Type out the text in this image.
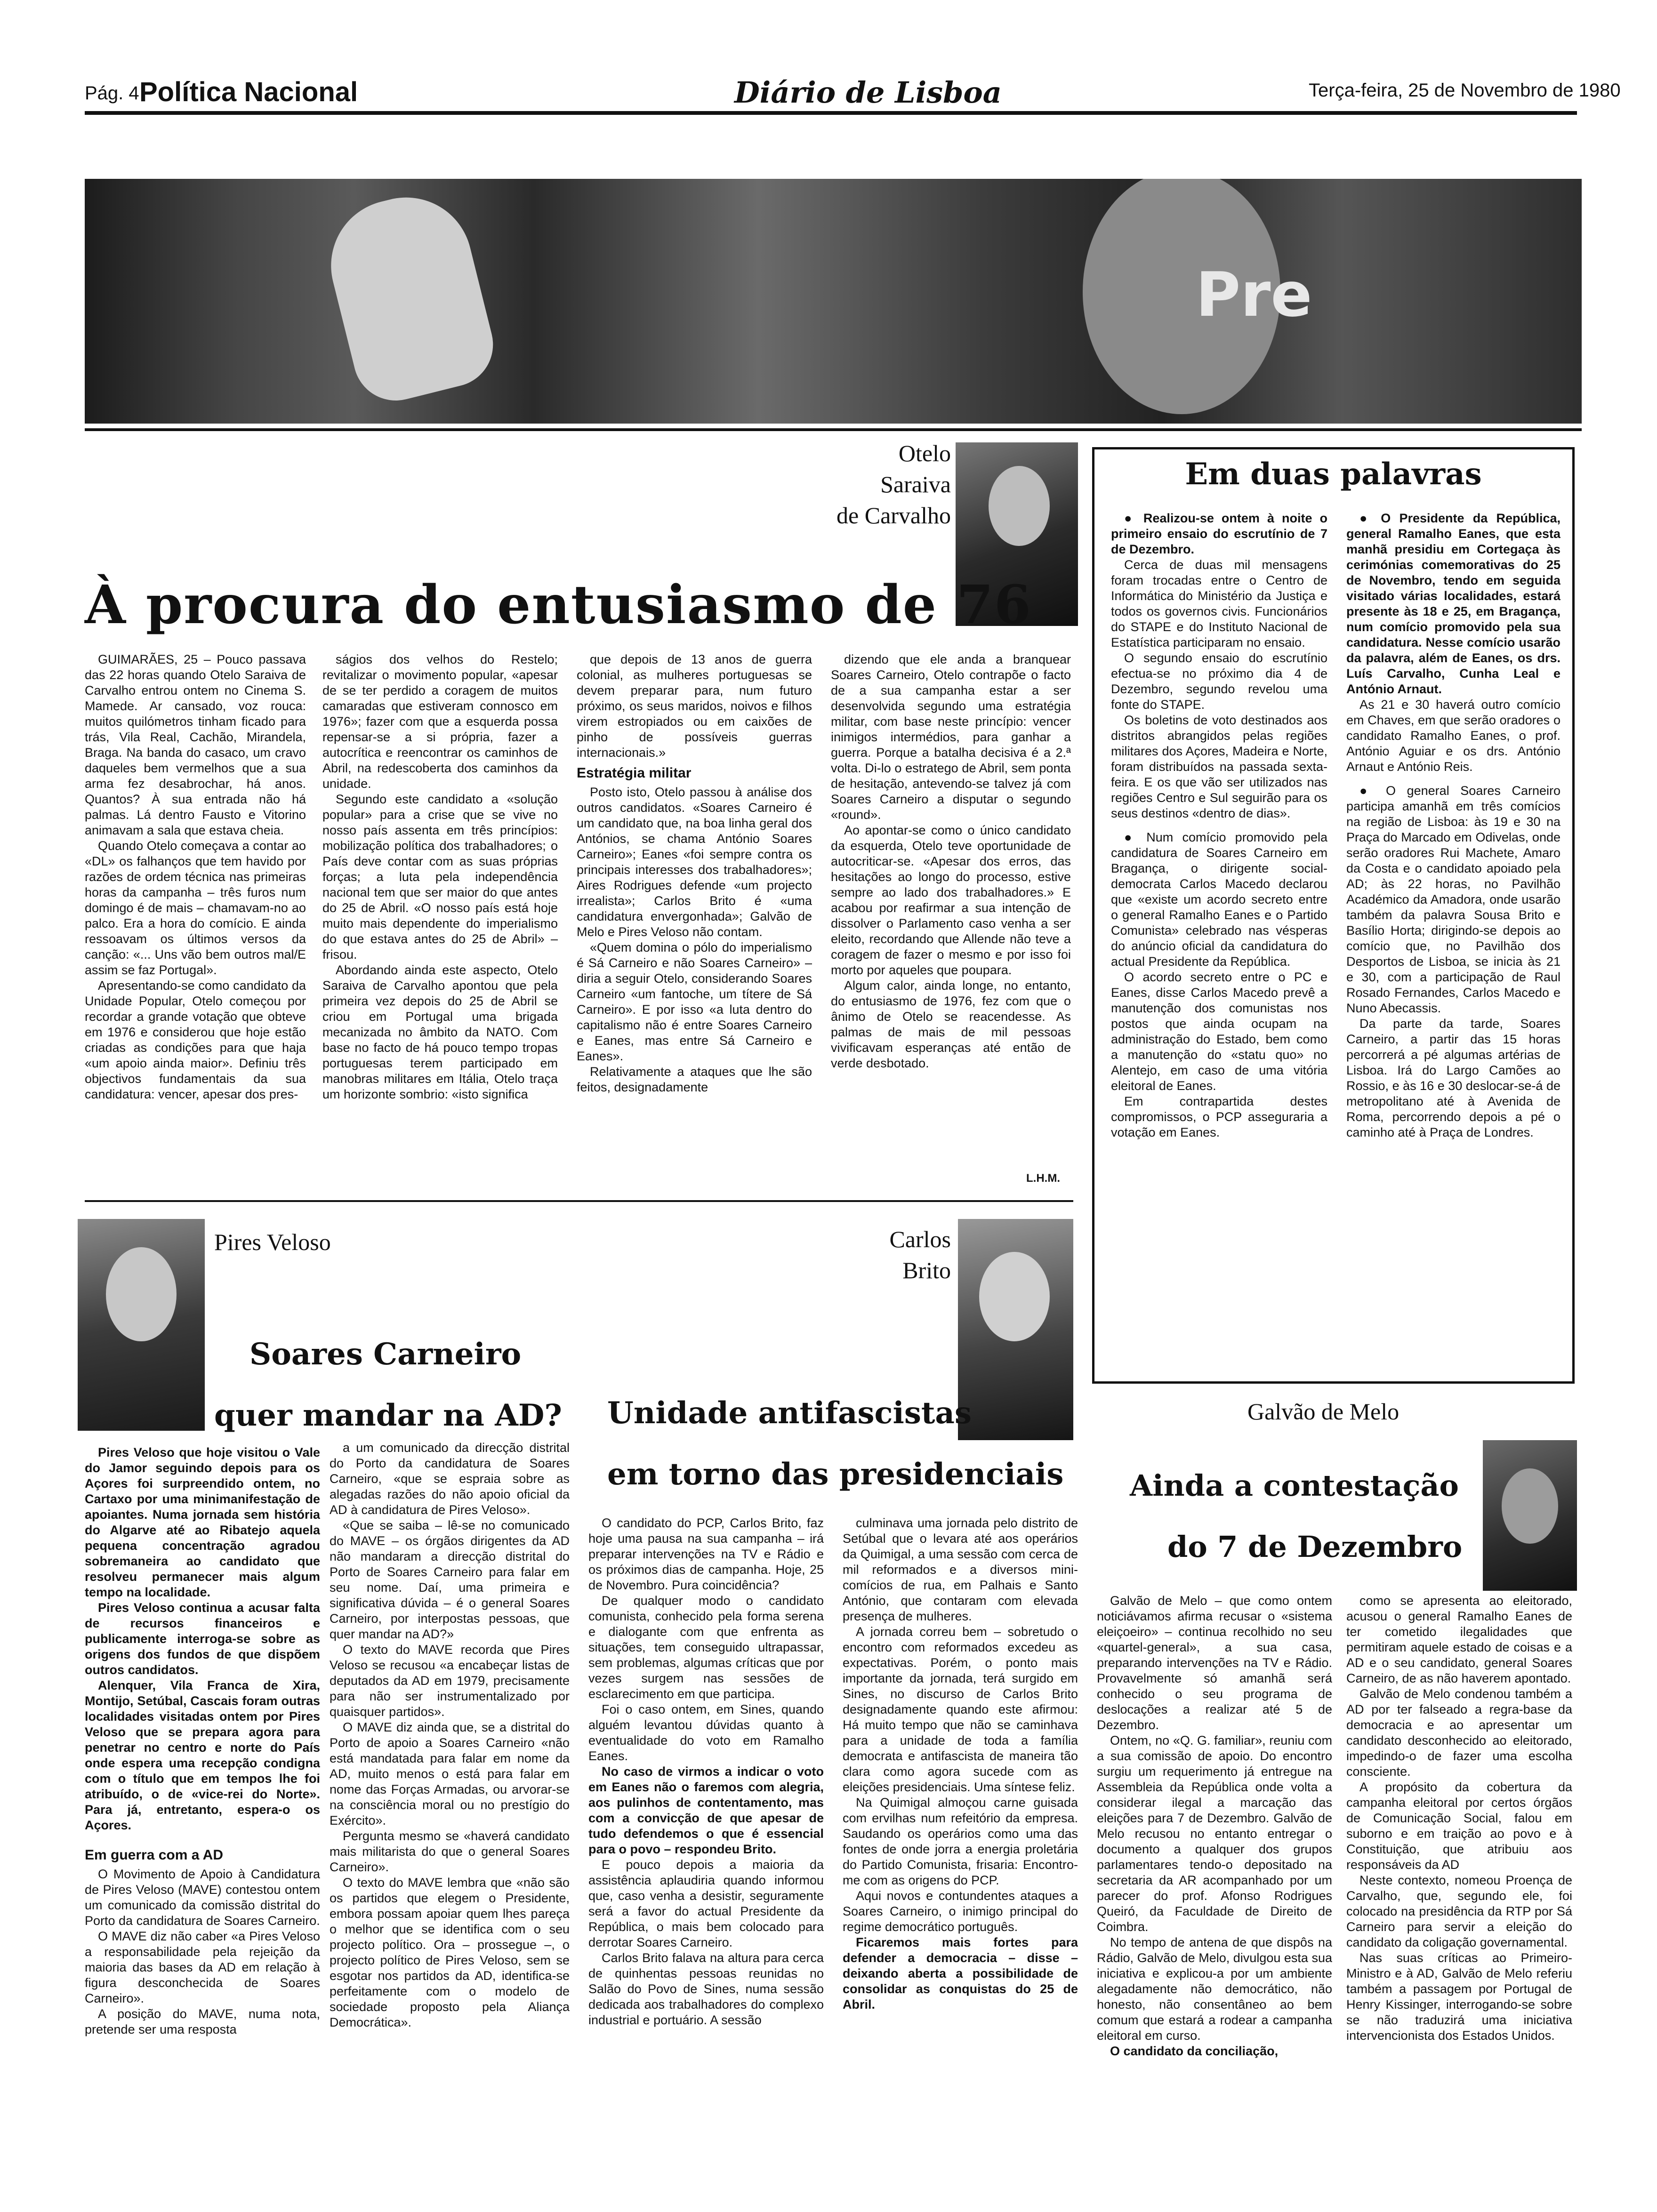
Pág. 4 Política Nacional	Diário de Lisboa	Terça-feira, 25 de Novembro de 1980
Pre
Otelo
Saraiva
de Carvalho
À procura do entusiasmo de 76

GUIMARÃES, 25 – Pouco passava das 22 horas quando Otelo Saraiva de Carvalho entrou ontem no Cinema S. Mamede. Ar cansado, voz rouca: muitos quilómetros tinham ficado para trás, Vila Real, Cachão, Mirandela, Braga. Na banda do casaco, um cravo daqueles bem vermelhos que a sua arma fez desabrochar, há anos. Quantos? À sua entrada não há palmas. Lá dentro Fausto e Vitorino animavam a sala que estava cheia.

Quando Otelo começava a contar ao «DL» os falhanços que tem havido por razões de ordem técnica nas primeiras horas da campanha – três furos num domingo é de mais – chamavam-no ao palco. Era a hora do comício. E ainda ressoavam os últimos versos da canção: «... Uns vão bem outros mal/E assim se faz Portugal».

Apresentando-se como candidato da Unidade Popular, Otelo começou por recordar a grande votação que obteve em 1976 e considerou que hoje estão criadas as condições para que haja «um apoio ainda maior». Definiu três objectivos fundamentais da sua candidatura: vencer, apesar dos pres-

ságios dos velhos do Restelo; revitalizar o movimento popular, «apesar de se ter perdido a coragem de muitos camaradas que estiveram connosco em 1976»; fazer com que a esquerda possa repensar-se a si própria, fazer a autocrítica e reencontrar os caminhos de Abril, na redescoberta dos caminhos da unidade.

Segundo este candidato a «solução popular» para a crise que se vive no nosso país assenta em três princípios: mobilização política dos trabalhadores; o País deve contar com as suas próprias forças; a luta pela independência nacional tem que ser maior do que antes do 25 de Abril. «O nosso país está hoje muito mais dependente do imperialismo do que estava antes do 25 de Abril» – frisou.

Abordando ainda este aspecto, Otelo Saraiva de Carvalho apontou que pela primeira vez depois do 25 de Abril se criou em Portugal uma brigada mecanizada no âmbito da NATO. Com base no facto de há pouco tempo tropas portuguesas terem participado em manobras militares em Itália, Otelo traça um horizonte sombrio: «isto significa

que depois de 13 anos de guerra colonial, as mulheres portuguesas se devem preparar para, num futuro próximo, os seus maridos, noivos e filhos virem estropiados ou em caixões de pinho de possíveis guerras internacionais.»

Estratégia militar

Posto isto, Otelo passou à análise dos outros candidatos. «Soares Carneiro é um candidato que, na boa linha geral dos Antónios, se chama António Soares Carneiro»; Eanes «foi sempre contra os principais interesses dos trabalhadores»; Aires Rodrigues defende «um projecto irrealista»; Carlos Brito é «uma candidatura envergonhada»; Galvão de Melo e Pires Veloso não contam.

«Quem domina o pólo do imperialismo é Sá Carneiro e não Soares Carneiro» – diria a seguir Otelo, considerando Soares Carneiro «um fantoche, um títere de Sá Carneiro». E por isso «a luta dentro do capitalismo não é entre Soares Carneiro e Eanes, mas entre Sá Carneiro e Eanes».

Relativamente a ataques que lhe são feitos, designadamente

dizendo que ele anda a branquear Soares Carneiro, Otelo contrapõe o facto de a sua campanha estar a ser desenvolvida segundo uma estratégia militar, com base neste princípio: vencer inimigos intermédios, para ganhar a guerra. Porque a batalha decisiva é a 2.ª volta. Di-lo o estratego de Abril, sem ponta de hesitação, antevendo-se talvez já com Soares Carneiro a disputar o segundo «round».

Ao apontar-se como o único candidato da esquerda, Otelo teve oportunidade de autocriticar-se. «Apesar dos erros, das hesitações ao longo do processo, estive sempre ao lado dos trabalhadores.» E acabou por reafirmar a sua intenção de dissolver o Parlamento caso venha a ser eleito, recordando que Allende não teve a coragem de fazer o mesmo e por isso foi morto por aqueles que poupara.

Algum calor, ainda longe, no entanto, do entusiasmo de 1976, fez com que o ânimo de Otelo se reacendesse. As palmas de mais de mil pessoas vivificavam esperanças até então de verde desbotado.

L.H.M.
Em duas palavras

● Realizou-se ontem à noite o primeiro ensaio do escrutínio de 7 de Dezembro.

Cerca de duas mil mensagens foram trocadas entre o Centro de Informática do Ministério da Justiça e todos os governos civis. Funcionários do STAPE e do Instituto Nacional de Estatística participaram no ensaio.

O segundo ensaio do escrutínio efectua-se no próximo dia 4 de Dezembro, segundo revelou uma fonte do STAPE.

Os boletins de voto destinados aos distritos abrangidos pelas regiões militares dos Açores, Madeira e Norte, foram distribuídos na passada sexta-feira. E os que vão ser utilizados nas regiões Centro e Sul seguirão para os seus destinos «dentro de dias».

● Num comício promovido pela candidatura de Soares Carneiro em Bragança, o dirigente social-democrata Carlos Macedo declarou que «existe um acordo secreto entre o general Ramalho Eanes e o Partido Comunista» celebrado nas vésperas do anúncio oficial da candidatura do actual Presidente da República.

O acordo secreto entre o PC e Eanes, disse Carlos Macedo prevê a manutenção dos comunistas nos postos que ainda ocupam na administração do Estado, bem como a manutenção do «statu quo» no Alentejo, em caso de uma vitória eleitoral de Eanes.

Em contrapartida destes compromissos, o PCP asseguraria a votação em Eanes.

● O Presidente da República, general Ramalho Eanes, que esta manhã presidiu em Cortegaça às cerimónias comemorativas do 25 de Novembro, tendo em seguida visitado várias localidades, estará presente às 18 e 25, em Bragança, num comício promovido pela sua candidatura. Nesse comício usarão da palavra, além de Eanes, os drs. Luís Carvalho, Cunha Leal e António Arnaut.

As 21 e 30 haverá outro comício em Chaves, em que serão oradores o candidato Ramalho Eanes, o prof. António Aguiar e os drs. António Arnaut e António Reis.

● O general Soares Carneiro participa amanhã em três comícios na região de Lisboa: às 19 e 30 na Praça do Marcado em Odivelas, onde serão oradores Rui Machete, Amaro da Costa e o candidato apoiado pela AD; às 22 horas, no Pavilhão Académico da Amadora, onde usarão também da palavra Sousa Brito e Basílio Horta; dirigindo-se depois ao comício que, no Pavilhão dos Desportos de Lisboa, se inicia às 21 e 30, com a participação de Raul Rosado Fernandes, Carlos Macedo e Nuno Abecassis.

Da parte da tarde, Soares Carneiro, a partir das 15 horas percorrerá a pé algumas artérias de Lisboa. Irá do Largo Camões ao Rossio, e às 16 e 30 deslocar-se-á de metropolitano até à Avenida de Roma, percorrendo depois a pé o caminho até à Praça de Londres.

Pires Veloso
Soares Carneiro
quer mandar na AD?

Pires Veloso que hoje visitou o Vale do Jamor seguindo depois para os Açores foi surpreendido ontem, no Cartaxo por uma minimanifestação de apoiantes. Numa jornada sem história do Algarve até ao Ribatejo aquela pequena concentração agradou sobremaneira ao candidato que resolveu permanecer mais algum tempo na localidade.

Pires Veloso continua a acusar falta de recursos financeiros e publicamente interroga-se sobre as origens dos fundos de que dispõem outros candidatos.

Alenquer, Vila Franca de Xira, Montijo, Setúbal, Cascais foram outras localidades visitadas ontem por Pires Veloso que se prepara agora para penetrar no centro e norte do País onde espera uma recepção condigna com o título que em tempos lhe foi atribuído, o de «vice-rei do Norte». Para já, entretanto, espera-o os Açores.

Em guerra com a AD

O Movimento de Apoio à Candidatura de Pires Veloso (MAVE) contestou ontem um comunicado da comissão distrital do Porto da candidatura de Soares Carneiro.

O MAVE diz não caber «a Pires Veloso a responsabilidade pela rejeição da maioria das bases da AD em relação à figura desconchecida de Soares Carneiro».

A posição do MAVE, numa nota, pretende ser uma resposta

a um comunicado da direcção distrital do Porto da candidatura de Soares Carneiro, «que se espraia sobre as alegadas razões do não apoio oficial da AD à candidatura de Pires Veloso».

«Que se saiba – lê-se no comunicado do MAVE – os órgãos dirigentes da AD não mandaram a direcção distrital do Porto de Soares Carneiro para falar em seu nome. Daí, uma primeira e significativa dúvida – é o general Soares Carneiro, por interpostas pessoas, que quer mandar na AD?»

O texto do MAVE recorda que Pires Veloso se recusou «a encabeçar listas de deputados da AD em 1979, precisamente para não ser instrumentalizado por quaisquer partidos».

O MAVE diz ainda que, se a distrital do Porto de apoio a Soares Carneiro «não está mandatada para falar em nome da AD, muito menos o está para falar em nome das Forças Armadas, ou arvorar-se na consciência moral ou no prestígio do Exército».

Pergunta mesmo se «haverá candidato mais militarista do que o general Soares Carneiro».

O texto do MAVE lembra que «não são os partidos que elegem o Presidente, embora possam apoiar quem lhes pareça o melhor que se identifica com o seu projecto político. Ora – prossegue –, o projecto político de Pires Veloso, sem se esgotar nos partidos da AD, identifica-se perfeitamente com o modelo de sociedade proposto pela Aliança Democrática».

Carlos
Brito
Unidade antifascistas
em torno das presidenciais

O candidato do PCP, Carlos Brito, faz hoje uma pausa na sua campanha – irá preparar intervenções na TV e Rádio e os próximos dias de campanha. Hoje, 25 de Novembro. Pura coincidência?

De qualquer modo o candidato comunista, conhecido pela forma serena e dialogante com que enfrenta as situações, tem conseguido ultrapassar, sem problemas, algumas críticas que por vezes surgem nas sessões de esclarecimento em que participa.

Foi o caso ontem, em Sines, quando alguém levantou dúvidas quanto à eventualidade do voto em Ramalho Eanes.

No caso de virmos a indicar o voto em Eanes não o faremos com alegria, aos pulinhos de contentamento, mas com a convicção de que apesar de tudo defendemos o que é essencial para o povo – respondeu Brito.

E pouco depois a maioria da assistência aplaudiria quando informou que, caso venha a desistir, seguramente será a favor do actual Presidente da República, o mais bem colocado para derrotar Soares Carneiro.

Carlos Brito falava na altura para cerca de quinhentas pessoas reunidas no Salão do Povo de Sines, numa sessão dedicada aos trabalhadores do complexo industrial e portuário. A sessão

culminava uma jornada pelo distrito de Setúbal que o levara até aos operários da Quimigal, a uma sessão com cerca de mil reformados e a diversos mini-comícios de rua, em Palhais e Santo António, que contaram com elevada presença de mulheres.

A jornada correu bem – sobretudo o encontro com reformados excedeu as expectativas. Porém, o ponto mais importante da jornada, terá surgido em Sines, no discurso de Carlos Brito designadamente quando este afirmou: Há muito tempo que não se caminhava para a unidade de toda a família democrata e antifascista de maneira tão clara como agora sucede com as eleições presidenciais. Uma síntese feliz.

Na Quimigal almoçou carne guisada com ervilhas num refeitório da empresa. Saudando os operários como uma das fontes de onde jorra a energia proletária do Partido Comunista, frisaria: Encontro-me com as origens do PCP.

Aqui novos e contundentes ataques a Soares Carneiro, o inimigo principal do regime democrático português.

Ficaremos mais fortes para defender a democracia – disse – deixando aberta a possibilidade de consolidar as conquistas do 25 de Abril.

Galvão de Melo
Ainda a contestação
do 7 de Dezembro

Galvão de Melo – que como ontem noticiávamos afirma recusar o «sistema eleiçoeiro» – continua recolhido no seu «quartel-general», a sua casa, preparando intervenções na TV e Rádio. Provavelmente só amanhã será conhecido o seu programa de deslocações a realizar até 5 de Dezembro.

Ontem, no «Q. G. familiar», reuniu com a sua comissão de apoio. Do encontro surgiu um requerimento já entregue na Assembleia da República onde volta a considerar ilegal a marcação das eleições para 7 de Dezembro. Galvão de Melo recusou no entanto entregar o documento a qualquer dos grupos parlamentares tendo-o depositado na secretaria da AR acompanhado por um parecer do prof. Afonso Rodrigues Queiró, da Faculdade de Direito de Coimbra.

No tempo de antena de que dispôs na Rádio, Galvão de Melo, divulgou esta sua iniciativa e explicou-a por um ambiente alegadamente não democrático, não honesto, não consentâneo ao bem comum que estará a rodear a campanha eleitoral em curso.

O candidato da conciliação,

como se apresenta ao eleitorado, acusou o general Ramalho Eanes de ter cometido ilegalidades que permitiram aquele estado de coisas e a AD e o seu candidato, general Soares Carneiro, de as não haverem apontado.

Galvão de Melo condenou também a AD por ter falseado a regra-base da democracia e ao apresentar um candidato desconhecido ao eleitorado, impedindo-o de fazer uma escolha consciente.

A propósito da cobertura da campanha eleitoral por certos órgãos de Comunicação Social, falou em suborno e em traição ao povo e à Constituição, que atribuiu aos responsáveis da AD

Neste contexto, nomeou Proença de Carvalho, que, segundo ele, foi colocado na presidência da RTP por Sá Carneiro para servir a eleição do candidato da coligação governamental.

Nas suas críticas ao Primeiro-Ministro e à AD, Galvão de Melo referiu também a passagem por Portugal de Henry Kissinger, interrogando-se sobre se não traduzirá uma iniciativa intervencionista dos Estados Unidos.
